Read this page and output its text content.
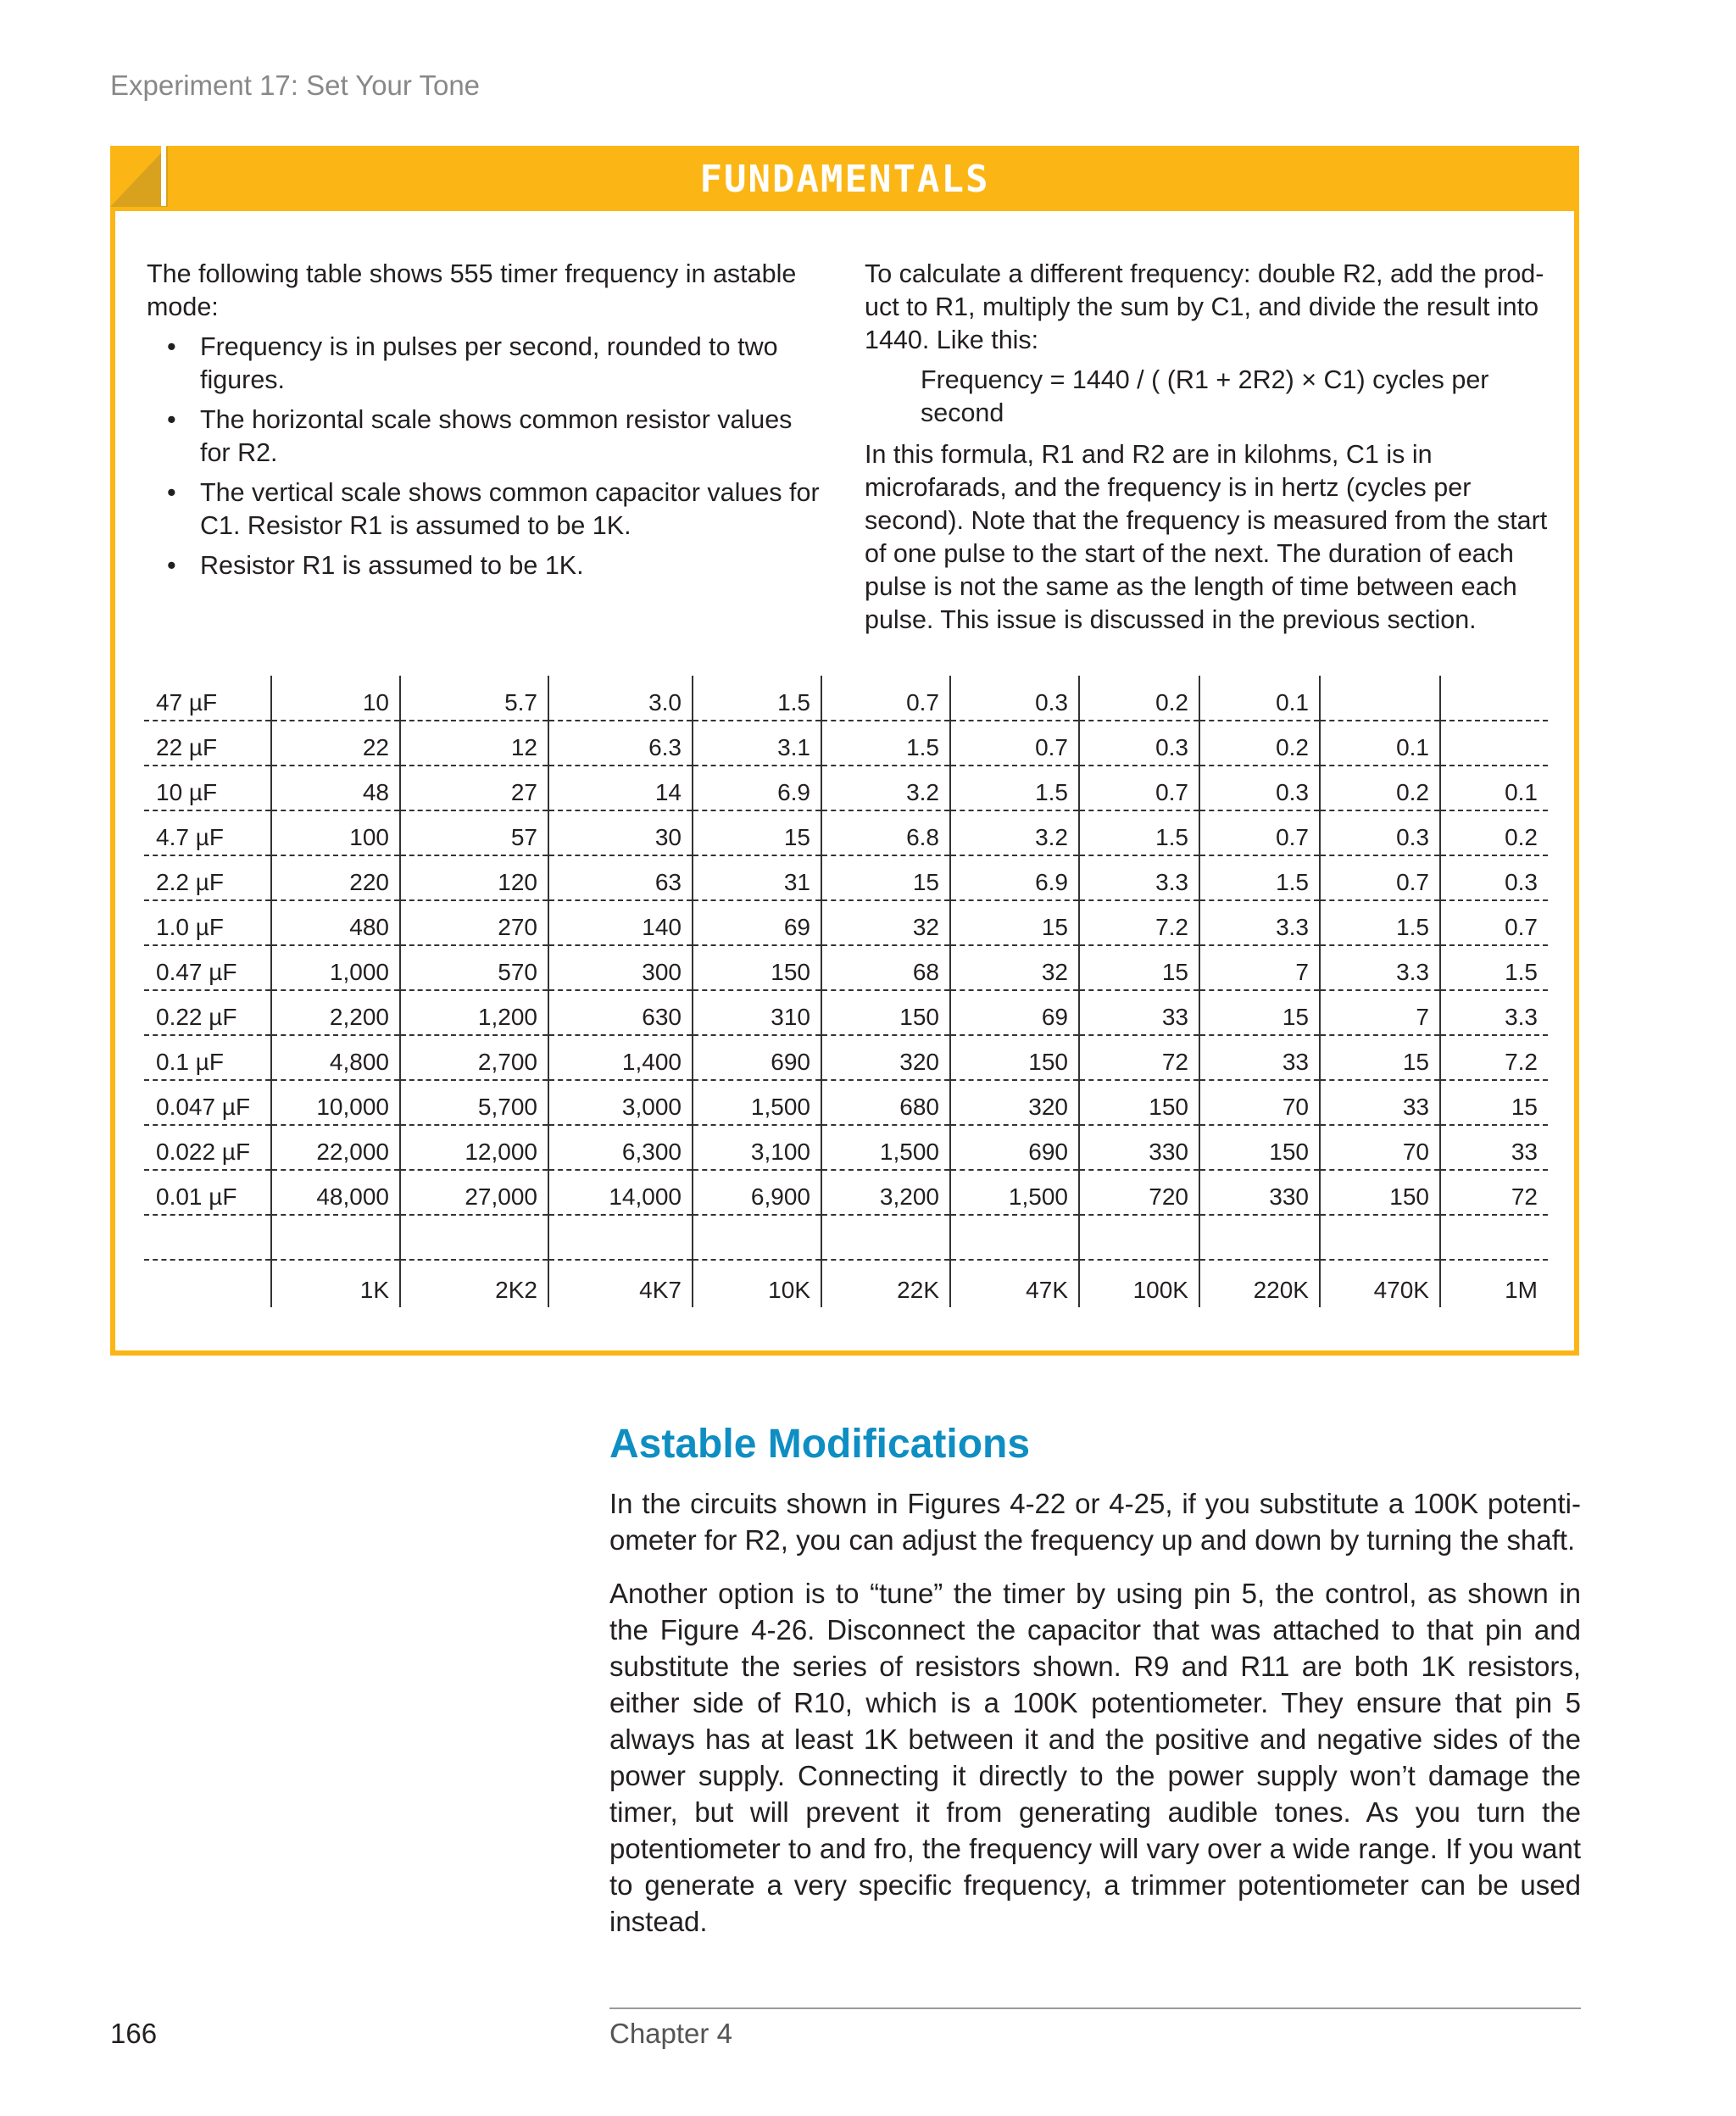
Experiment 17: Set Your Tone
FUNDAMENTALS

The following table shows 555 timer frequency in astable mode:

• Frequency is in pulses per second, rounded to two figures.
• The horizontal scale shows common resistor values for R2.
• The vertical scale shows common capacitor values for C1. Resistor R1 is assumed to be 1K.
• Resistor R1 is assumed to be 1K.

To calculate a different frequency: double R2, add the prod-uct to R1, multiply the sum by C1, and divide the result into 1440. Like this:

Frequency = 1440 / ( (R1 + 2R2) × C1) cycles per second

In this formula, R1 and R2 are in kilohms, C1 is in microfarads, and the frequency is in hertz (cycles per second). Note that the frequency is measured from the start of one pulse to the start of the next. The duration of each pulse is not the same as the length of time between each pulse. This issue is discussed in the previous section.

47 µF	10	5.7	3.0	1.5	0.7	0.3	0.2	0.1		
22 µF	22	12	6.3	3.1	1.5	0.7	0.3	0.2	0.1	
10 µF	48	27	14	6.9	3.2	1.5	0.7	0.3	0.2	0.1
4.7 µF	100	57	30	15	6.8	3.2	1.5	0.7	0.3	0.2
2.2 µF	220	120	63	31	15	6.9	3.3	1.5	0.7	0.3
1.0 µF	480	270	140	69	32	15	7.2	3.3	1.5	0.7
0.47 µF	1,000	570	300	150	68	32	15	7	3.3	1.5
0.22 µF	2,200	1,200	630	310	150	69	33	15	7	3.3
0.1 µF	4,800	2,700	1,400	690	320	150	72	33	15	7.2
0.047 µF	10,000	5,700	3,000	1,500	680	320	150	70	33	15
0.022 µF	22,000	12,000	6,300	3,100	1,500	690	330	150	70	33
0.01 µF	48,000	27,000	14,000	6,900	3,200	1,500	720	330	150	72

	1K	2K2	4K7	10K	22K	47K	100K	220K	470K	1M
Astable Modifications

In the circuits shown in Figures 4-22 or 4-25, if you substitute a 100K potenti-ometer for R2, you can adjust the frequency up and down by turning the shaft.

Another option is to “tune” the timer by using pin 5, the control, as shown in the Figure 4-26. Disconnect the capacitor that was attached to that pin and substitute the series of resistors shown. R9 and R11 are both 1K resistors, either side of R10, which is a 100K potentiometer. They ensure that pin 5 always has at least 1K between it and the positive and negative sides of the power supply. Connecting it directly to the power supply won’t damage the timer, but will prevent it from generating audible tones. As you turn the potentiometer to and fro, the frequency will vary over a wide range. If you want to generate a very specific frequency, a trimmer potentiometer can be used instead.

166	Chapter 4
